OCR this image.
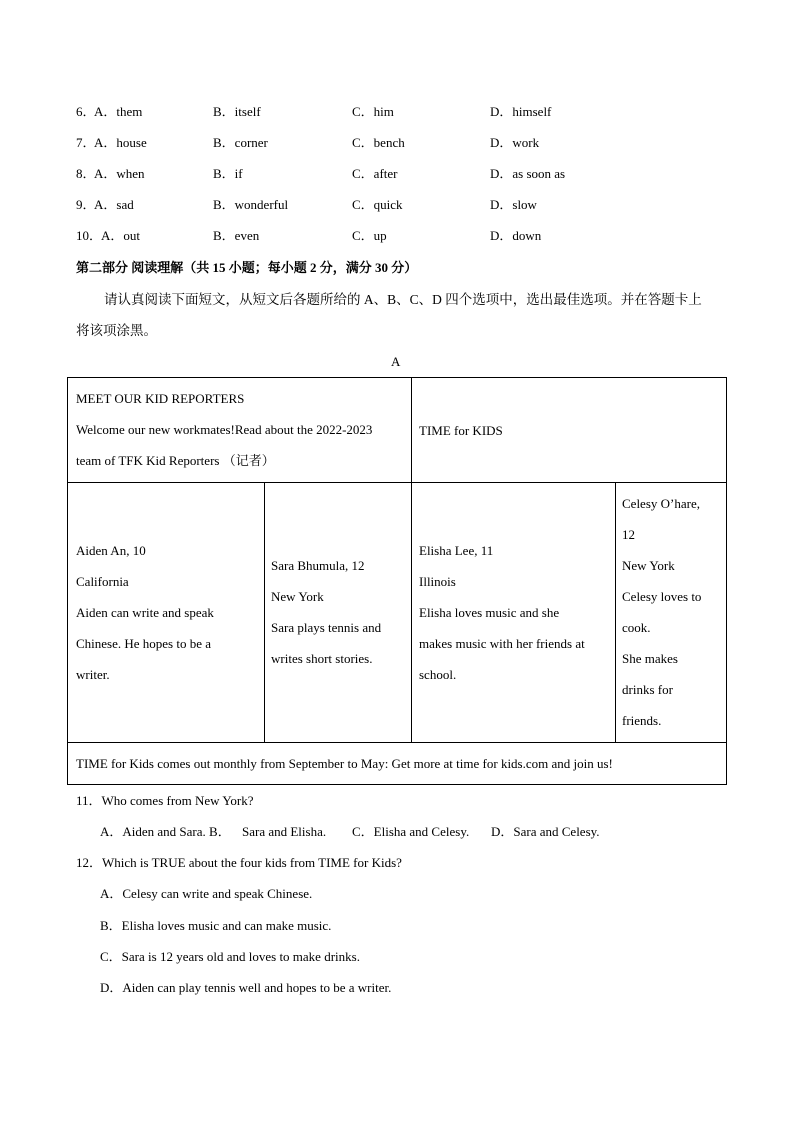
6．
A．them	B．itself	C．him	D．himself
7．
A．house	B．corner	C．bench	D．work
8．
A．when	B．if	C．after	D．as soon as
9．
A．sad	B．wonderful	C．quick	D．slow
10．
A．out	B．even	C．up	D．down
第二部分 阅读理解（共 15 小题；每小题 2 分，满分 30 分）
请认真阅读下面短文，从短文后各题所给的 A、B、C、D 四个选项中，选出最佳选项。并在答题卡上
将该项涂黑。
A
MEET OUR KID REPORTERS
Welcome our new workmates!Read about the 2022-2023
team of TFK Kid Reporters （记者）
TIME for KIDS
Aiden An, 10
California
Aiden can write and speak
Chinese. He hopes to be a
writer.
Sara Bhumula, 12
New York
Sara plays tennis and
writes short stories.
Elisha Lee, 11
Illinois
Elisha loves music and she
makes music with her friends at
school.
Celesy O’hare,
12
New York
Celesy loves to
cook.
She makes
drinks for
friends.
TIME for Kids comes out monthly from September to May: Get more at time for kids.com and join us!
11．Who comes from New York?
A．Aiden and Sara. B． Sara and Elisha. C．Elisha and Celesy. D．Sara and Celesy.
12．Which is TRUE about the four kids from TIME for Kids?
A．Celesy can write and speak Chinese.
B．Elisha loves music and can make music.
C．Sara is 12 years old and loves to make drinks.
D．Aiden can play tennis well and hopes to be a writer.
